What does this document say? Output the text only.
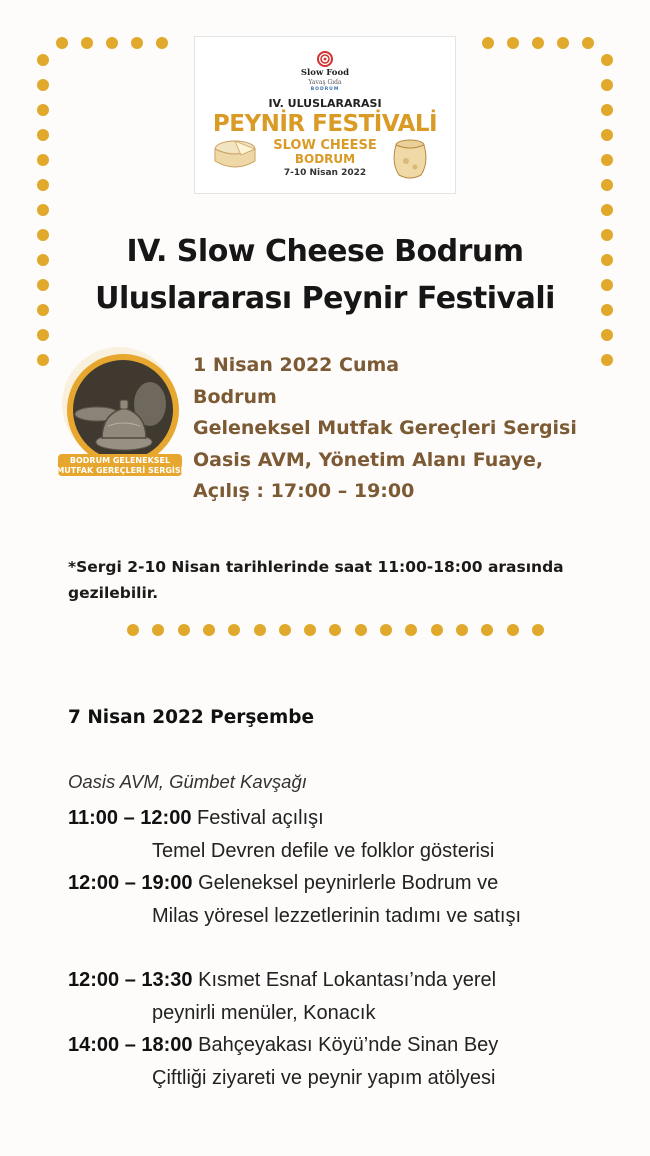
Slow Food
Yavaş Gıda
BODRUM
IV. ULUSLARARASI
PEYNİR FESTİVALİ
SLOW CHEESE
BODRUM
7-10 Nisan 2022
IV. Slow Cheese Bodrum
Uluslararası Peynir Festivali
BODRUM GELENEKSEL
MUTFAK GEREÇLERİ SERGİSİ
1 Nisan 2022 Cuma
Bodrum
Geleneksel Mutfak Gereçleri Sergisi
Oasis AVM, Yönetim Alanı Fuaye,
Açılış : 17:00 – 19:00
*Sergi 2-10 Nisan tarihlerinde saat 11:00-18:00 arasında gezilebilir.
7 Nisan 2022 Perşembe
Oasis AVM, Gümbet Kavşağı
11:00 – 12:00 Festival açılışı
Temel Devren defile ve folklor gösterisi
12:00 – 19:00 Geleneksel peynirlerle Bodrum ve
Milas yöresel lezzetlerinin tadımı ve satışı
12:00 – 13:30 Kısmet Esnaf Lokantası’nda yerel
peynirli menüler, Konacık
14:00 – 18:00 Bahçeyakası Köyü’nde Sinan Bey
Çiftliği ziyareti ve peynir yapım atölyesi
